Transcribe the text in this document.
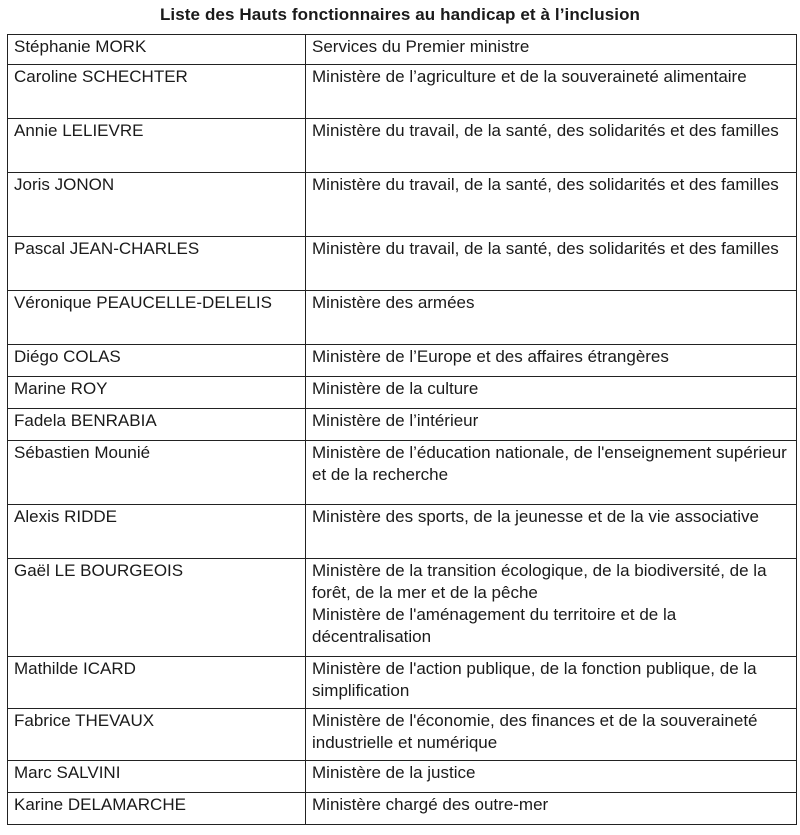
Liste des Hauts fonctionnaires au handicap et à l’inclusion
Stéphanie MORK	Services du Premier ministre

Caroline SCHECHTER	Ministère de l’agriculture et de la souveraineté alimentaire

Annie LELIEVRE	Ministère du travail, de la santé, des solidarités et des familles

Joris JONON	Ministère du travail, de la santé, des solidarités et des familles

Pascal JEAN-CHARLES	Ministère du travail, de la santé, des solidarités et des familles

Véronique PEAUCELLE-DELELIS	Ministère des armées

Diégo COLAS	Ministère de l’Europe et des affaires étrangères

Marine ROY	Ministère de la culture

Fadela BENRABIA	Ministère de l’intérieur

Sébastien Mounié	Ministère de l’éducation nationale, de l'enseignement supérieur et de la recherche

Alexis RIDDE	Ministère des sports, de la jeunesse et de la vie associative

Gaël LE BOURGEOIS	Ministère de la transition écologique, de la biodiversité, de la forêt, de la mer et de la pêche
Ministère de l'aménagement du territoire et de la décentralisation

Mathilde ICARD	Ministère de l'action publique, de la fonction publique, de la simplification

Fabrice THEVAUX	Ministère de l'économie, des finances et de la souveraineté industrielle et numérique

Marc SALVINI	Ministère de la justice

Karine DELAMARCHE	Ministère chargé des outre-mer
